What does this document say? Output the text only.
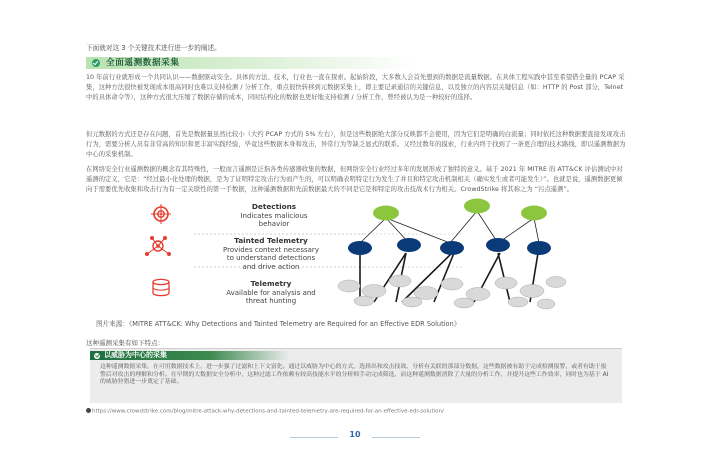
下面就对这 3 个关键技术进行进一步的阐述。
全面遥测数据采集
10 年前行业就形成一个共同认识——数据驱动安全。具体的方法、技术，行业也一直在探索。起始阶段，大多数人会首先想到的数据是流量数据。在具体工程实践中甚至希望借全量的 PCAP 采集，这种方法很快被发现成本很高同时也难以支持检测 / 分析工作，重点很快转移到元数据采集上，即主要记录通信的关键信息，以及独立的内容层关键信息（如：HTTP 的 Post 部分，Telnet 中的具体命令等），这种方式很大压缩了数据存储的成本，同时结构化的数据也更好地支持检测 / 分析工作，曾经被认为是一种较好的选择。
但元数据的方式还是存在问题，首先是数据量虽然比较小（大约 PCAP 方式的 5% 左右），但是这些数据绝大部分反映都不会使用，因为它们是明确的白流量；同时依托这种数据要直接发现攻击行为，需要分析人员有非常高的知识和更丰富实践经验，毕竟这些数据本身和攻击，异常行为等缺乏显式的联系。又经过数年的摸索，行业内终于找到了一条更合理的技术路线，即以遥测数据为中心的采集机制。
在网络安全行业遥测数据的概念有其特殊性，一般而言遥测是泛指各类传感器收集的数据，但网络安全行业经过多年的发展形成了独特的意义。基于 2021 年 MITRE 的 ATT&CK 评估测试中对遥测的定义，它是：“经过最小化处理的数据，是为了证明特定攻击行为而产生的，可以明确表明特定行为发生了并且和特定攻击机制相关（确实发生或者可能发生）”。也就是说，遥测数据更倾向于需要优先收集和攻击行为有一定关联性的第一手数据，这种遥测数据和先前数据最大的不同是它是和特定的攻击技战术行为相关。CrowdStrike 将其称之为 “污点遥测”。
Detections
Indicates malicious
behavior
Tainted Telemetry
Provides context necessary
to understand detections
and drive action
Telemetry
Available for analysis and
threat hunting
图片来源：《MITRE ATT&CK: Why Detections and Tainted Telemetry are Required for an Effective EDR Solution》
这种遥测采集有如下特点：
以威胁为中心的采集
这种遥测数据采集，在可用数据技术上，进一步强了过滤和上下文富化。通过以威胁为中心的方式，选择出和攻击技战、分析有关联的那部分数据，这些数据被有助于完成检测报警，或者有助于报警后对攻击的理解和分析。在早期的大数据安全分析中，这种过滤工作依赖有较高技能水平的分析师手动完成筛选，而这种遥测数据消除了大量的分析工作，并提升这些工作效率，同时也为基于 AI 的威胁狩猎进一步奠定了基础。
https://www.crowdstrike.com/blog/mitre-attack-why-detections-and-tainted-telemetry-are-required-for-an-effective-edr-solution/
10
